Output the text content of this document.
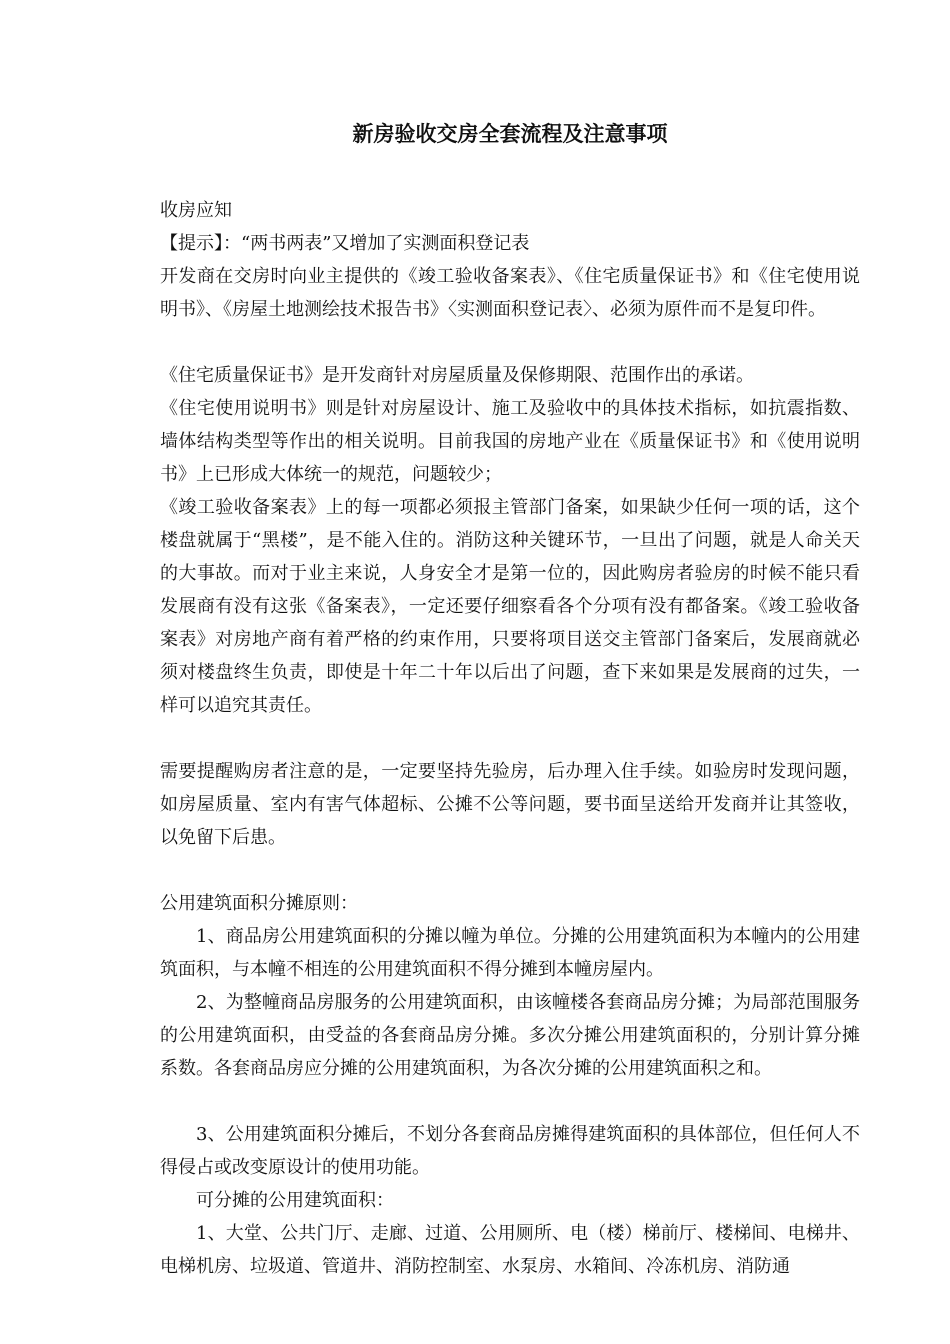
新房验收交房全套流程及注意事项

收房应知

【提示】：“两书两表”又增加了实测面积登记表

开发商在交房时向业主提供的《竣工验收备案表》、《住宅质量保证书》和《住宅使用说明书》、《房屋土地测绘技术报告书》〈实测面积登记表〉、必须为原件而不是复印件。

《住宅质量保证书》是开发商针对房屋质量及保修期限、范围作出的承诺。

《住宅使用说明书》则是针对房屋设计、施工及验收中的具体技术指标，如抗震指数、墙体结构类型等作出的相关说明。目前我国的房地产业在《质量保证书》和《使用说明书》上已形成大体统一的规范，问题较少；

《竣工验收备案表》上的每一项都必须报主管部门备案，如果缺少任何一项的话，这个楼盘就属于“黑楼”，是不能入住的。消防这种关键环节，一旦出了问题，就是人命关天的大事故。而对于业主来说，人身安全才是第一位的，因此购房者验房的时候不能只看发展商有没有这张《备案表》，一定还要仔细察看各个分项有没有都备案。《竣工验收备案表》对房地产商有着严格的约束作用，只要将项目送交主管部门备案后，发展商就必须对楼盘终生负责，即使是十年二十年以后出了问题，查下来如果是发展商的过失，一样可以追究其责任。

需要提醒购房者注意的是，一定要坚持先验房，后办理入住手续。如验房时发现问题，如房屋质量、室内有害气体超标、公摊不公等问题，要书面呈送给开发商并让其签收，以免留下后患。

公用建筑面积分摊原则：

1、商品房公用建筑面积的分摊以幢为单位。分摊的公用建筑面积为本幢内的公用建筑面积，与本幢不相连的公用建筑面积不得分摊到本幢房屋内。

2、为整幢商品房服务的公用建筑面积，由该幢楼各套商品房分摊；为局部范围服务的公用建筑面积，由受益的各套商品房分摊。多次分摊公用建筑面积的，分别计算分摊系数。各套商品房应分摊的公用建筑面积，为各次分摊的公用建筑面积之和。

3、公用建筑面积分摊后，不划分各套商品房摊得建筑面积的具体部位，但任何人不得侵占或改变原设计的使用功能。

可分摊的公用建筑面积：

1、大堂、公共门厅、走廊、过道、公用厕所、电（楼）梯前厅、楼梯间、电梯井、电梯机房、垃圾道、管道井、消防控制室、水泵房、水箱间、冷冻机房、消防通
